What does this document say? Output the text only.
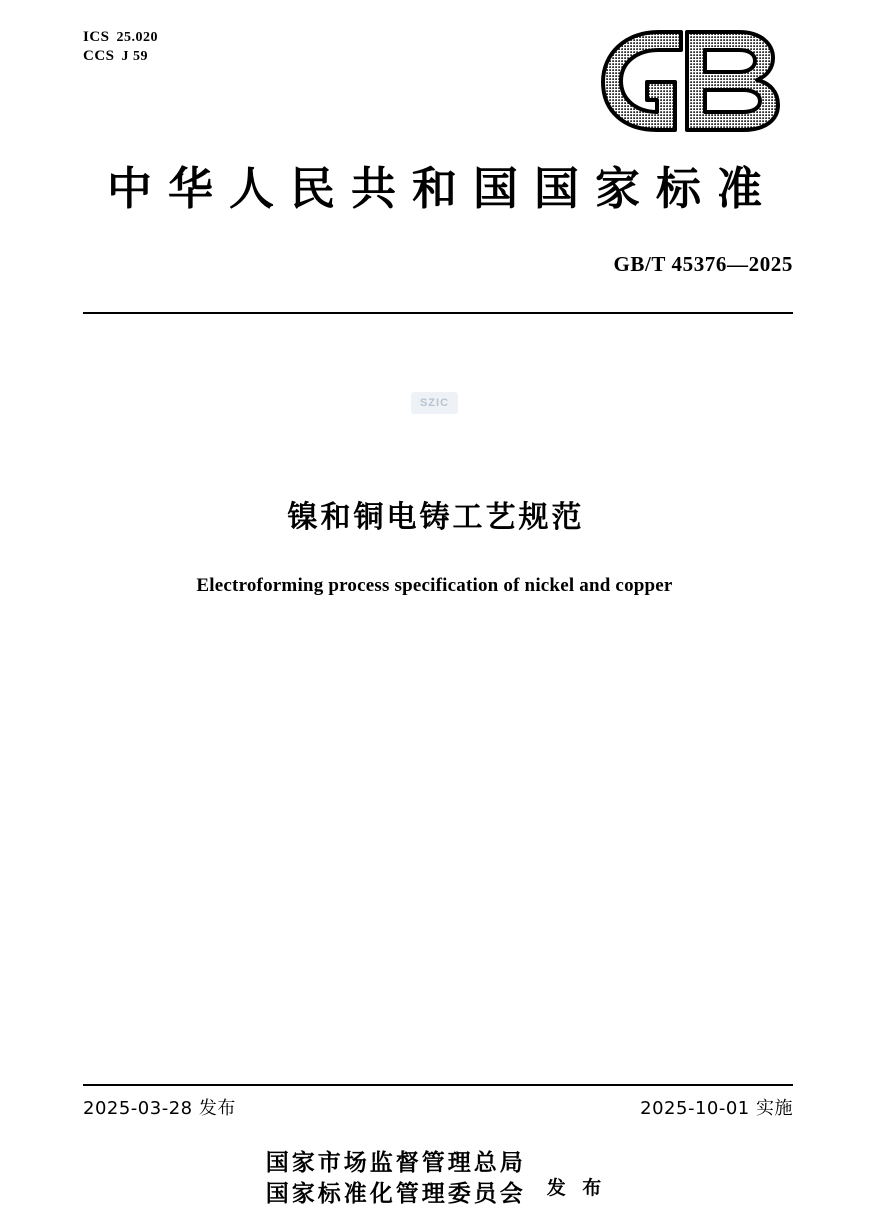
ICS 25.020
CCS J 59
中华人民共和国国家标准
GB/T 45376—2025
SZIC
镍和铜电铸工艺规范
Electroforming process specification of nickel and copper
2025-03-28 发布	2025-10-01 实施
国家市场监督管理总局
国家标准化管理委员会 发 布
